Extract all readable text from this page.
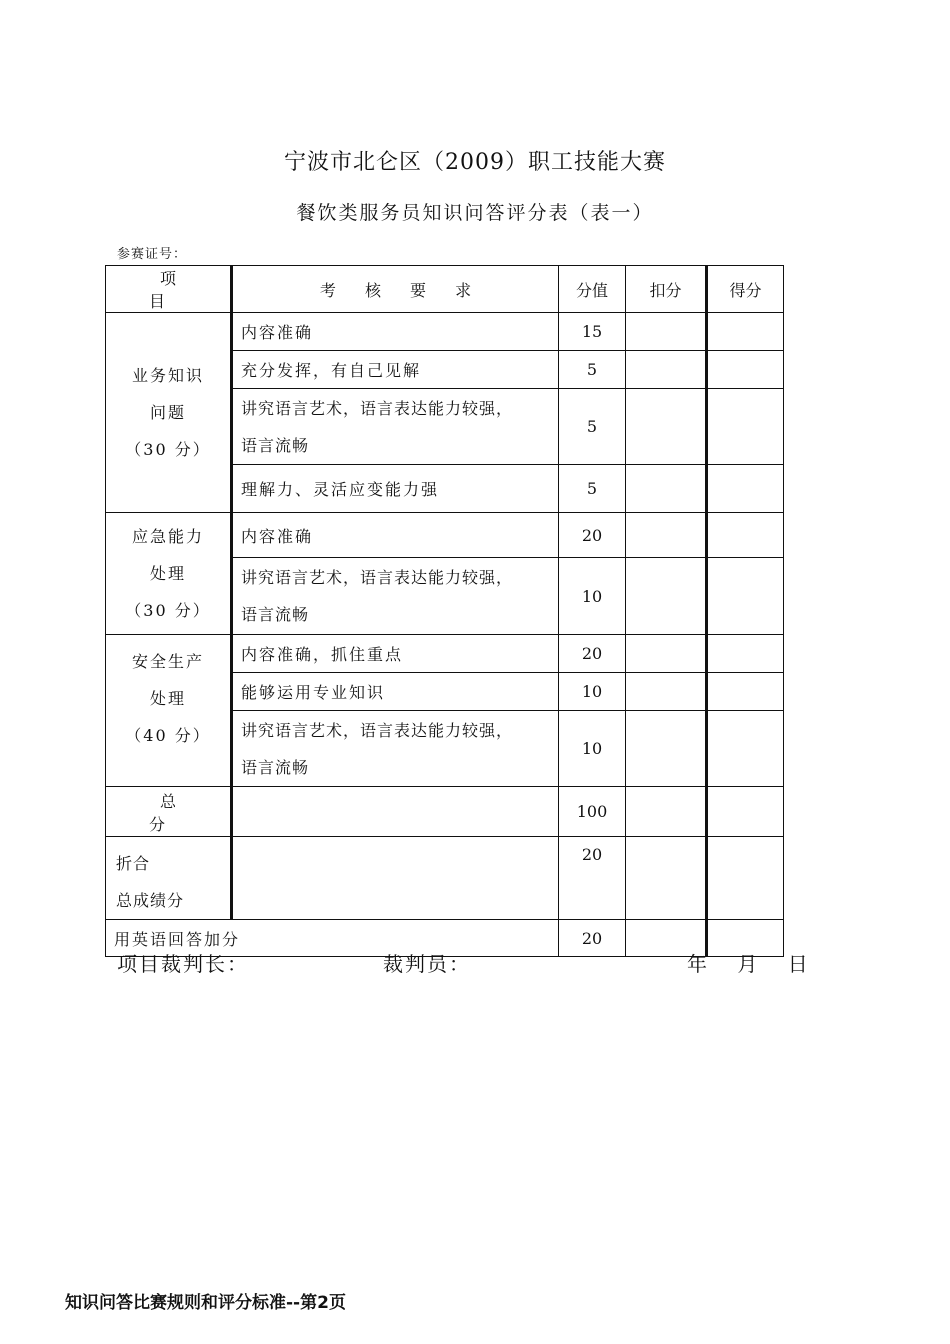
宁波市北仑区（2009）职工技能大赛
餐饮类服务员知识问答评分表（表一）
参赛证号：
项　目	考 核 要 求	分值	扣分	得分

业务知识
问题
（30 分）	内容准确	15		
	充分发挥，有自己见解	5		

	讲究语言艺术，语言表达能力较强，
语言流畅	5		
	理解力、灵活应变能力强	5		

应急能力
处理
（30 分）	内容准确	20		

	讲究语言艺术，语言表达能力较强，
语言流畅	10		

安全生产
处理
（40 分）	内容准确，抓住重点	20		
	能够运用专业知识	10		

	讲究语言艺术，语言表达能力较强，
语言流畅	10		
总　分		100		

折合
总成绩分		20		
用英语回答加分		20		
项目裁判长：	裁判员：	年 月 日
知识问答比赛规则和评分标准--第2页
